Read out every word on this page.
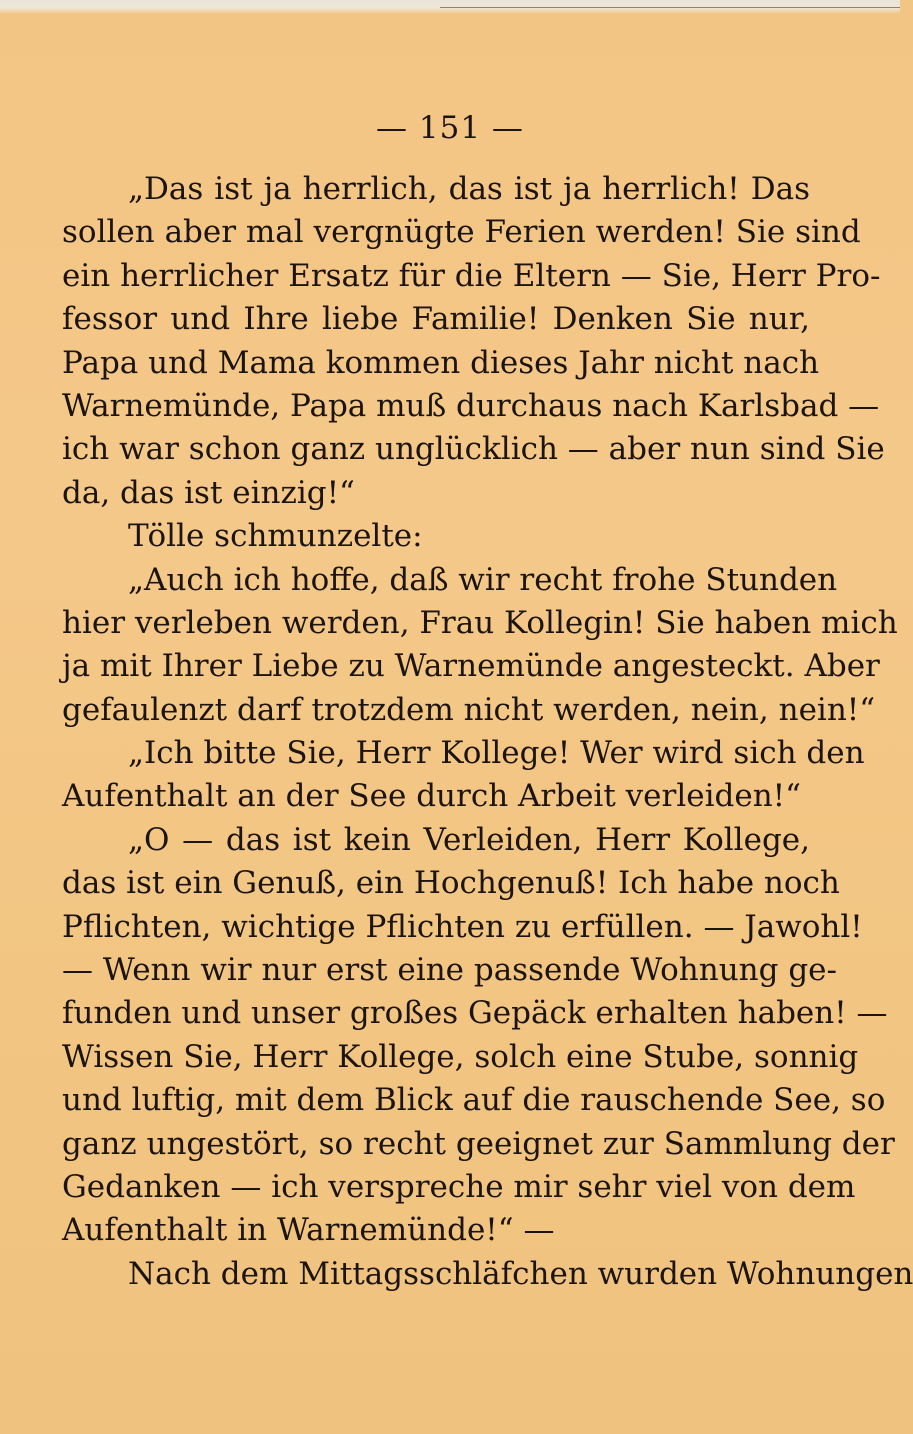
— 151 —
„Das ist ja herrlich, das ist ja herrlich! Das
sollen aber mal vergnügte Ferien werden! Sie sind
ein herrlicher Ersatz für die Eltern — Sie, Herr Pro-
fessor und Ihre liebe Familie! Denken Sie nur,
Papa und Mama kommen dieses Jahr nicht nach
Warnemünde, Papa muß durchaus nach Karlsbad —
ich war schon ganz unglücklich — aber nun sind Sie
da, das ist einzig!“
Tölle schmunzelte:
„Auch ich hoffe, daß wir recht frohe Stunden
hier verleben werden, Frau Kollegin! Sie haben mich
ja mit Ihrer Liebe zu Warnemünde angesteckt. Aber
gefaulenzt darf trotzdem nicht werden, nein, nein!“
„Ich bitte Sie, Herr Kollege! Wer wird sich den
Aufenthalt an der See durch Arbeit verleiden!“
„O — das ist kein Verleiden, Herr Kollege,
das ist ein Genuß, ein Hochgenuß! Ich habe noch
Pflichten, wichtige Pflichten zu erfüllen. — Jawohl!
— Wenn wir nur erst eine passende Wohnung ge-
funden und unser großes Gepäck erhalten haben! —
Wissen Sie, Herr Kollege, solch eine Stube, sonnig
und luftig, mit dem Blick auf die rauschende See, so
ganz ungestört, so recht geeignet zur Sammlung der
Gedanken — ich verspreche mir sehr viel von dem
Aufenthalt in Warnemünde!“ —
Nach dem Mittagsschläfchen wurden Wohnungen
